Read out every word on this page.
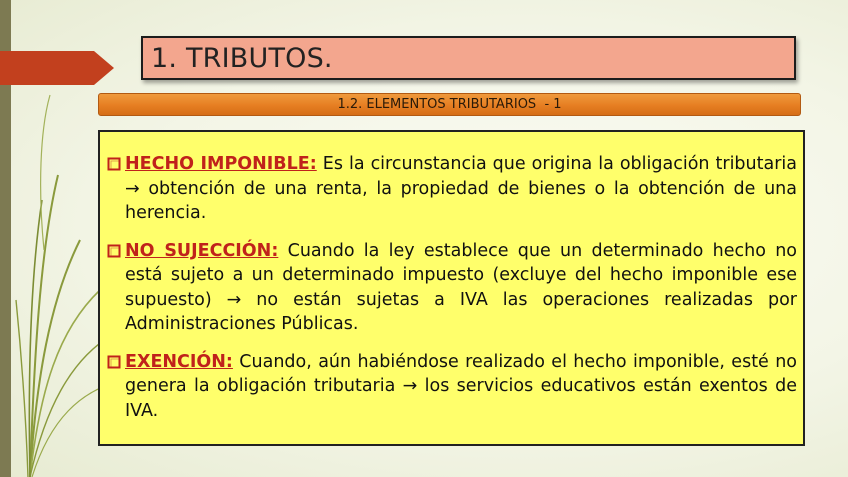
1. TRIBUTOS.
1.2. ELEMENTOS TRIBUTARIOS  - 1
HECHO IMPONIBLE: Es la circunstancia que origina la obligación tributaria → obtención de una renta, la propiedad de bienes o la obtención de una herencia.
NO SUJECCIÓN: Cuando la ley establece que un determinado hecho no está sujeto a un determinado impuesto (excluye del hecho imponible ese supuesto) → no están sujetas a IVA las operaciones realizadas por Administraciones Públicas.
EXENCIÓN: Cuando, aún habiéndose realizado el hecho imponible, esté no genera la obligación tributaria → los servicios educativos están exentos de IVA.
